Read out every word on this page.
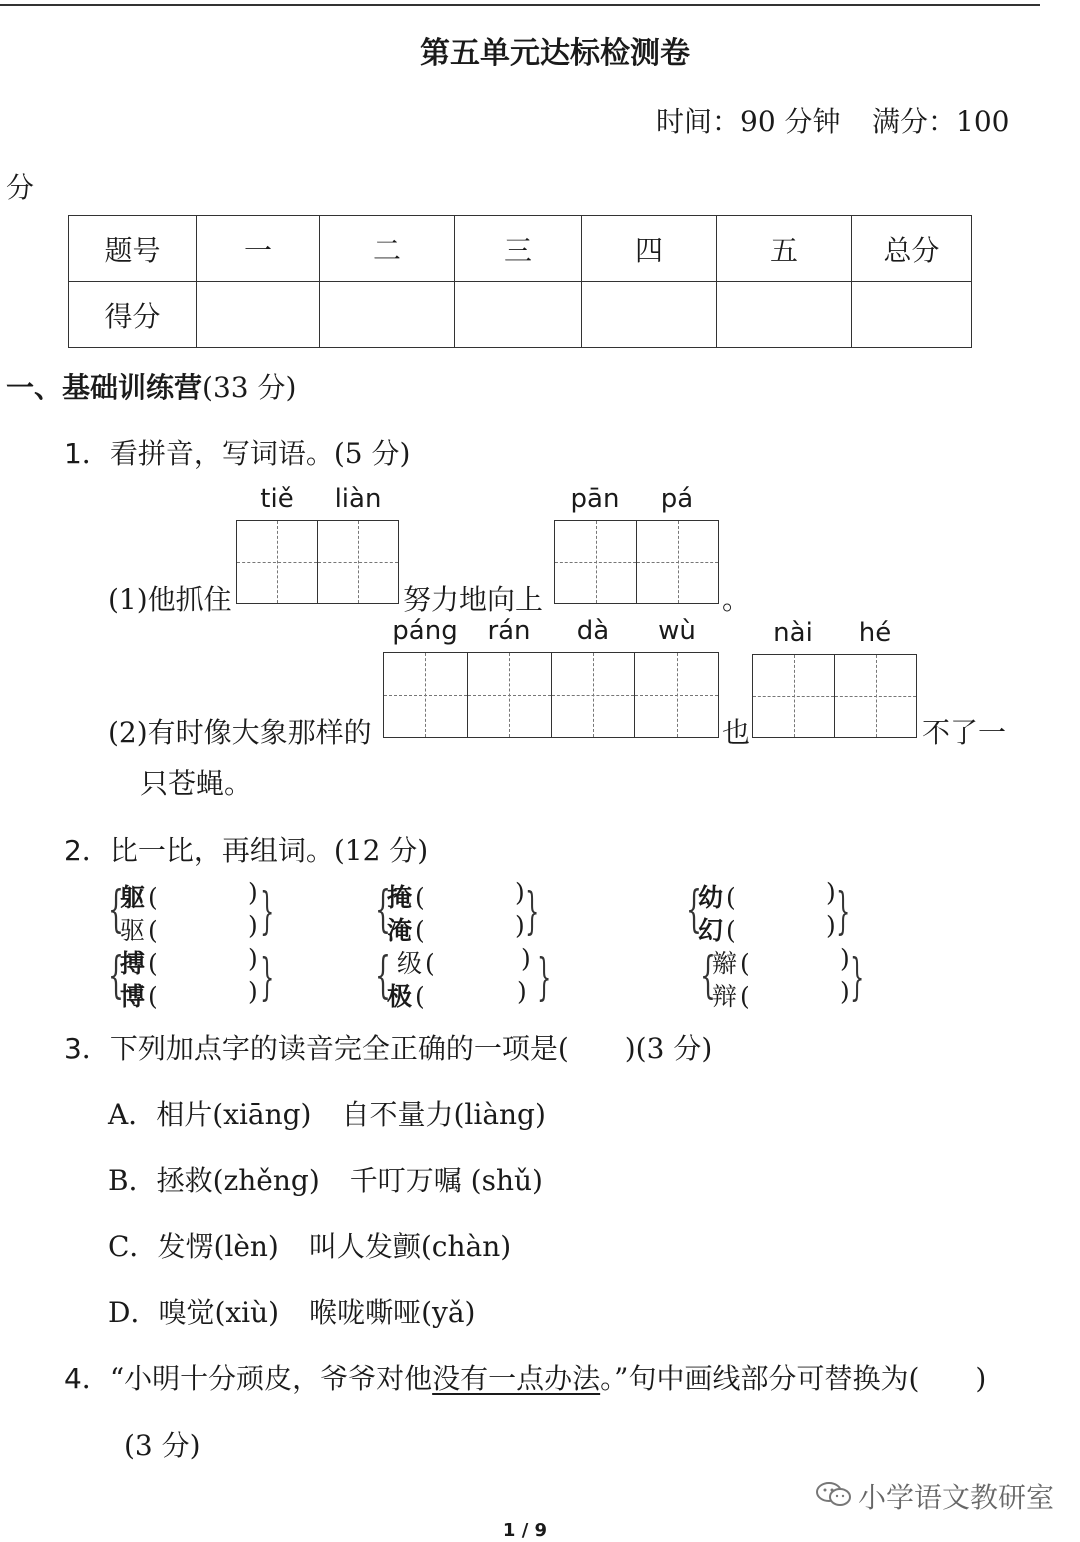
第五单元达标检测卷
时间：90 分钟 满分：100
分
题号	一	二	三	四	五	总分
得分						
一、基础训练营(33 分)
1．看拼音，写词语。(5 分)
tiě	liàn	pān	pá
(1)他抓住	努力地向上	。
páng	rán	dà	wù	nài	hé
(2)有时像大象那样的	也	不了一
只苍蝇。
2．比一比，再组词。(12 分)
{
躯 (	)
驱 (	) } {
掩 (	)
淹 (	) }	{
幼 (	)
幻 (	) }
{
搏 (	)
博 (	) } { 级 (	)
极 (	) }	{
辮 (	)
辩 (	) }
3．下列加点字的读音完全正确的一项是(　　)(3 分)
A．相片(xiāng) 自不量力(liàng)
B．拯救(zhěng) 千叮万嘱 (shǔ)
C．发愣(lèn) 叫人发颤(chàn)
D．嗅觉(xiù) 喉咙嘶哑(yǎ)
4．“小明十分顽皮，爷爷对他没有一点办法。”句中画线部分可替换为(　　)
(3 分)
小学语文教研室
1 / 9
